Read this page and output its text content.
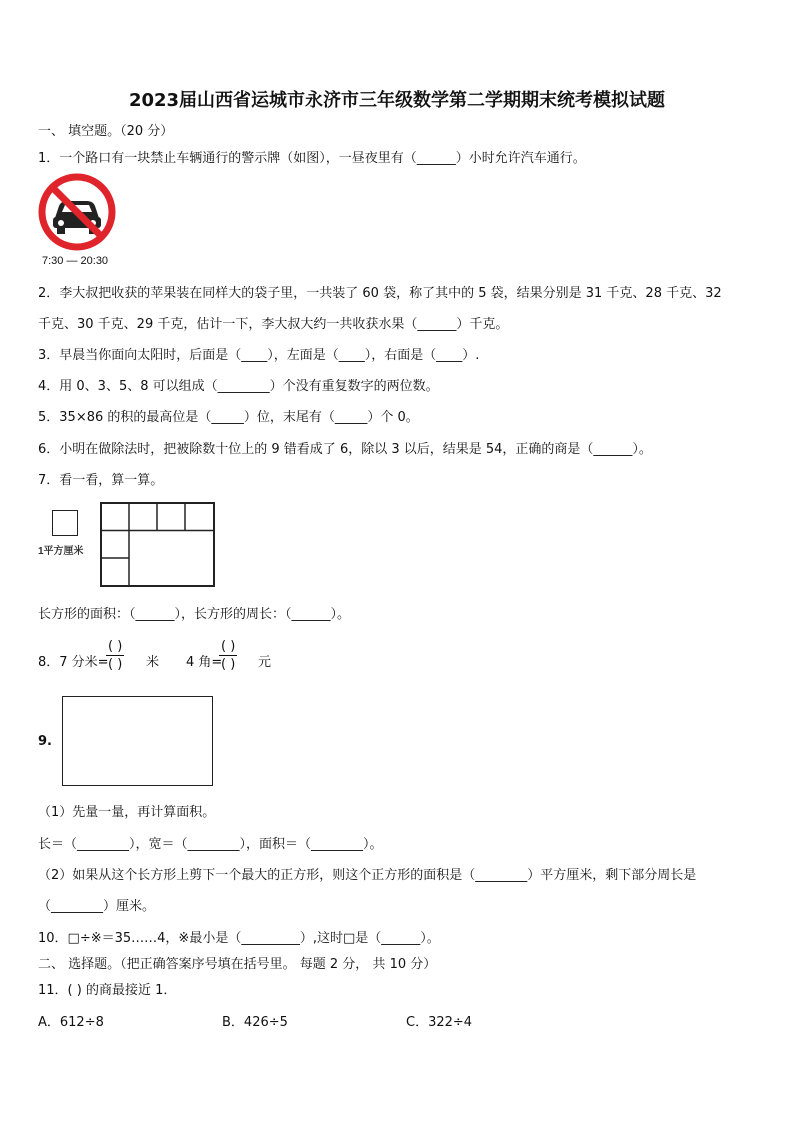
2023届山西省运城市永济市三年级数学第二学期期末统考模拟试题
一、 填空题。（20 分）
1．一个路口有一块禁止车辆通行的警示牌（如图），一昼夜里有（______）小时允许汽车通行。
7:30 — 20:30
2．李大叔把收获的苹果装在同样大的袋子里，一共装了 60 袋，称了其中的 5 袋，结果分别是 31 千克、28 千克、32
千克、30 千克、29 千克，估计一下，李大叔大约一共收获水果（______）千克。
3．早晨当你面向太阳时，后面是（____），左面是（____），右面是（____）.
4．用 0、3、5、8 可以组成（________）个没有重复数字的两位数。
5．35×86 的积的最高位是（_____）位，末尾有（_____）个 0。
6．小明在做除法时，把被除数十位上的 9 错看成了 6，除以 3 以后，结果是 54，正确的商是（______）。
7．看一看，算一算。
1平方厘米
长方形的面积：（______），长方形的周长：（______）。
8．7 分米=
( )
( ) 米 4 角=
( )
( ) 元
9.
（1）先量一量，再计算面积。
长＝（________），宽＝（________），面积＝（________）。
（2）如果从这个长方形上剪下一个最大的正方形，则这个正方形的面积是（________）平方厘米，剩下部分周长是
（________）厘米。
10．□÷※＝35……4，※最小是（_________）,这时□是（______）。
二、 选择题。（把正确答案序号填在括号里。 每题 2 分， 共 10 分）
11．( ) 的商最接近 1．
A．612÷8	B．426÷5	C．322÷4
